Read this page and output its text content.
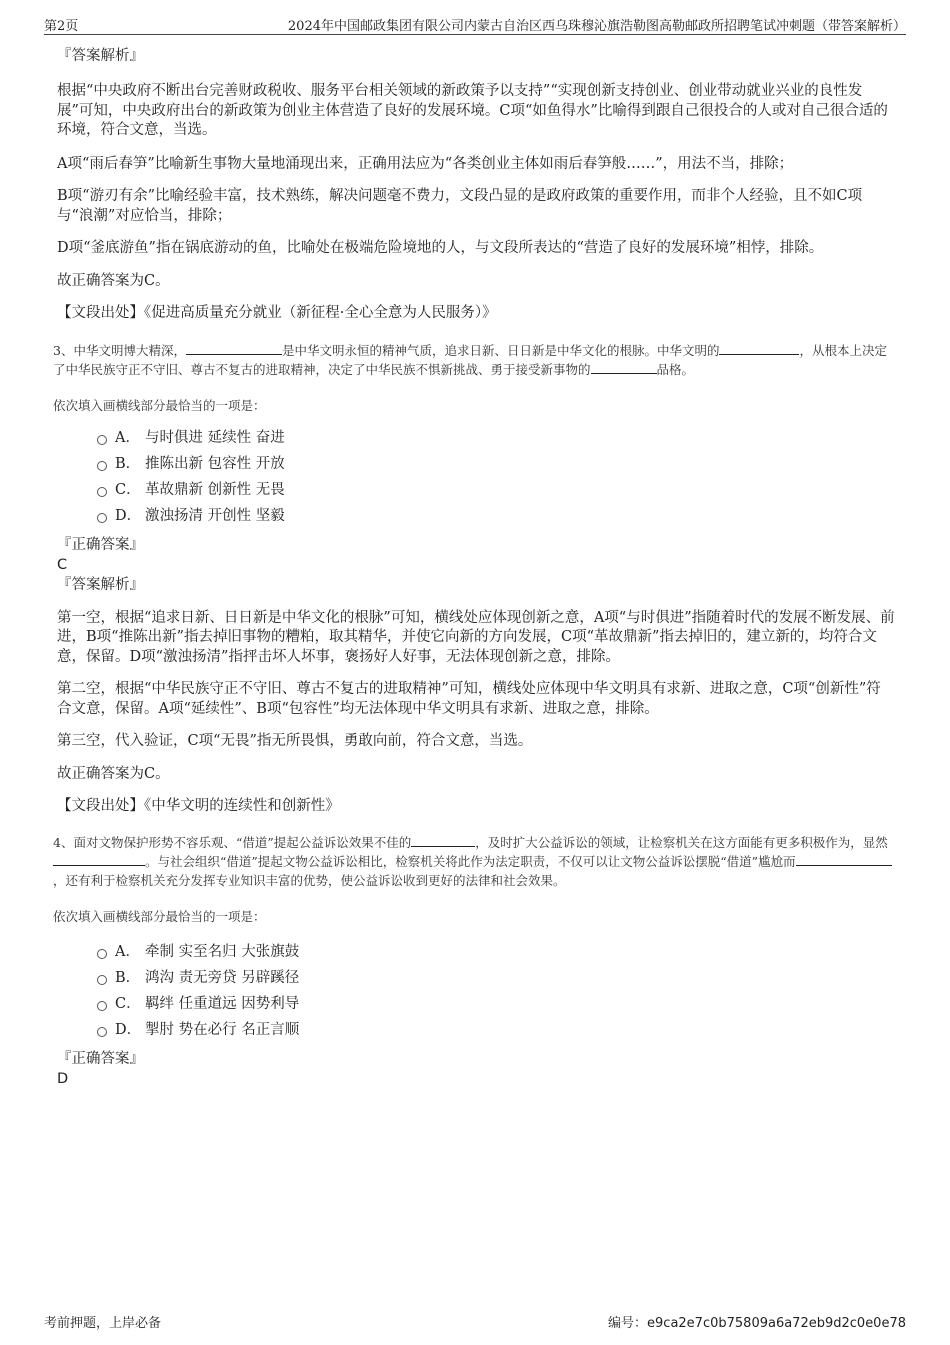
第2页	2024年中国邮政集团有限公司内蒙古自治区西乌珠穆沁旗浩勒图高勒邮政所招聘笔试冲刺题（带答案解析）
『答案解析』

根据“中央政府不断出台完善财政税收、服务平台相关领域的新政策予以支持”“实现创新支持创业、创业带动就业兴业的良性发展”可知，中央政府出台的新政策为创业主体营造了良好的发展环境。C项“如鱼得水”比喻得到跟自己很投合的人或对自己很合适的环境，符合文意，当选。

A项“雨后春笋”比喻新生事物大量地涌现出来，正确用法应为“各类创业主体如雨后春笋般……”，用法不当，排除；

B项“游刃有余”比喻经验丰富，技术熟练，解决问题毫不费力，文段凸显的是政府政策的重要作用，而非个人经验，且不如C项与“浪潮”对应恰当，排除；

D项“釜底游鱼”指在锅底游动的鱼，比喻处在极端危险境地的人，与文段所表达的“营造了良好的发展环境”相悖，排除。

故正确答案为C。

【文段出处】《促进高质量充分就业（新征程·全心全意为人民服务）》

3、中华文明博大精深，	是中华文明永恒的精神气质，追求日新、日日新是中华文化的根脉。中华文明的	，从根本上决定了中华民族守正不守旧、尊古不复古的进取精神，决定了中华民族不惧新挑战、勇于接受新事物的	品格。
依次填入画横线部分最恰当的一项是：
A． 与时俱进 延续性 奋进
B． 推陈出新 包容性 开放
C． 革故鼎新 创新性 无畏
D． 激浊扬清 开创性 坚毅
『正确答案』
C
『答案解析』

第一空，根据“追求日新、日日新是中华文化的根脉”可知，横线处应体现创新之意，A项“与时俱进”指随着时代的发展不断发展、前进，B项“推陈出新”指去掉旧事物的糟粕，取其精华，并使它向新的方向发展，C项“革故鼎新”指去掉旧的，建立新的，均符合文意，保留。D项“激浊扬清”指抨击坏人坏事，褒扬好人好事，无法体现创新之意，排除。

第二空，根据“中华民族守正不守旧、尊古不复古的进取精神”可知，横线处应体现中华文明具有求新、进取之意，C项“创新性”符合文意，保留。A项“延续性”、B项“包容性”均无法体现中华文明具有求新、进取之意，排除。

第三空，代入验证，C项“无畏”指无所畏惧，勇敢向前，符合文意，当选。

故正确答案为C。

【文段出处】《中华文明的连续性和创新性》

4、面对文物保护形势不容乐观、“借道”提起公益诉讼效果不佳的	，及时扩大公益诉讼的领域，让检察机关在这方面能有更多积极作为，显然。与社会组织“借道”提起文物公益诉讼相比，检察机关将此作为法定职责，不仅可以让文物公益诉讼摆脱“借道”尴尬而，还有利于检察机关充分发挥专业知识丰富的优势，使公益诉讼收到更好的法律和社会效果。
依次填入画横线部分最恰当的一项是：
A． 牵制 实至名归 大张旗鼓
B． 鸿沟 责无旁贷 另辟蹊径
C． 羁绊 任重道远 因势利导
D． 掣肘 势在必行 名正言顺
『正确答案』
D
考前押题，上岸必备	编号：e9ca2e7c0b75809a6a72eb9d2c0e0e78
